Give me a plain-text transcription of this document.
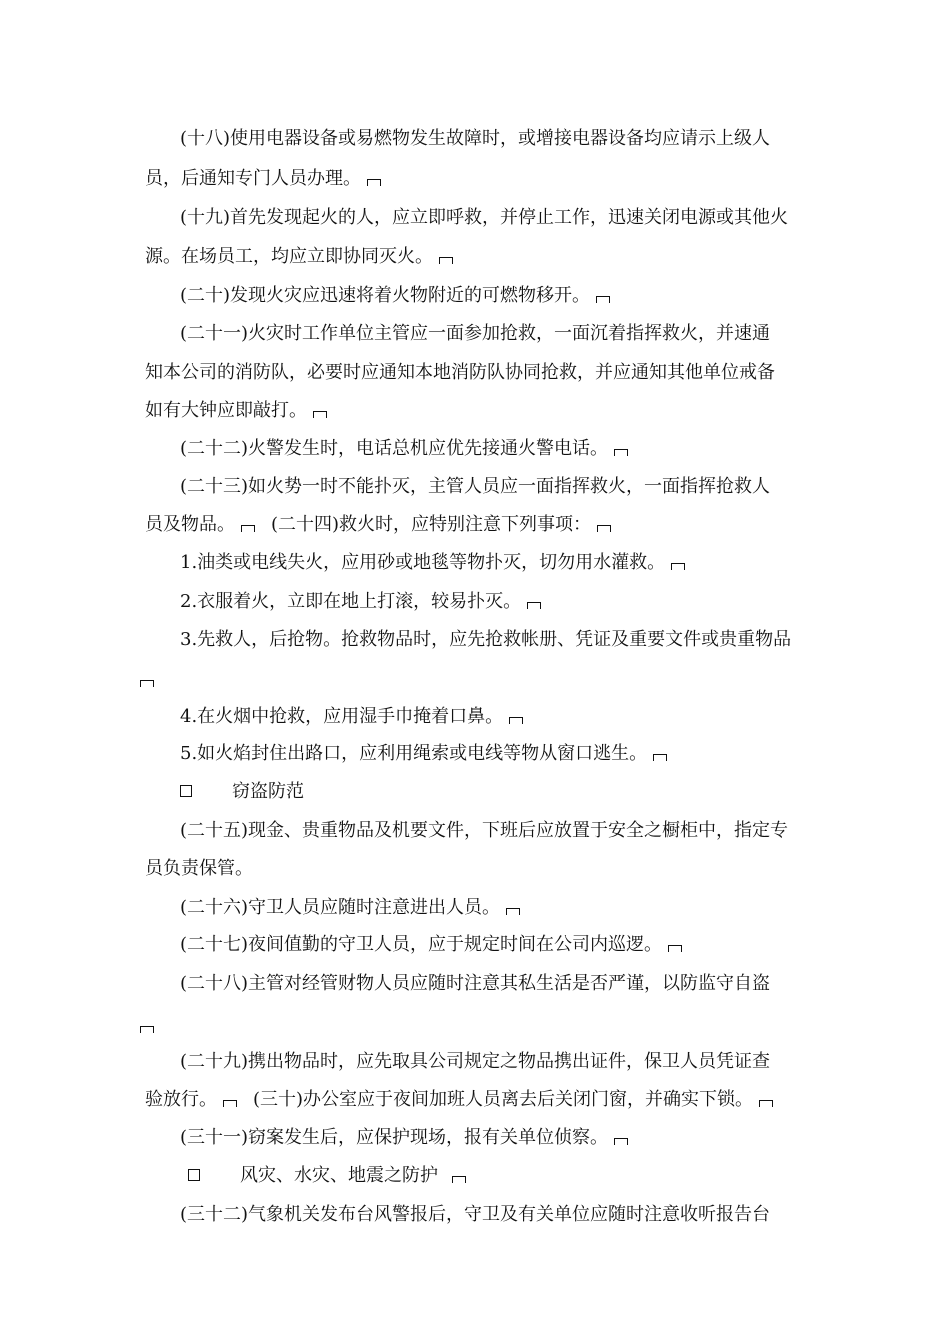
(十八)使用电器设备或易燃物发生故障时，或增接电器设备均应请示上级人
员，后通知专门人员办理。
(十九)首先发现起火的人，应立即呼救，并停止工作，迅速关闭电源或其他火
源。在场员工，均应立即协同灭火。
(二十)发现火灾应迅速将着火物附近的可燃物移开。
(二十一)火灾时工作单位主管应一面参加抢救，一面沉着指挥救火，并速通
知本公司的消防队，必要时应通知本地消防队协同抢救，并应通知其他单位戒备
如有大钟应即敲打。
(二十二)火警发生时，电话总机应优先接通火警电话。
(二十三)如火势一时不能扑灭，主管人员应一面指挥救火，一面指挥抢救人
员及物品。 (二十四)救火时，应特别注意下列事项：
1.油类或电线失火，应用砂或地毯等物扑灭，切勿用水灌救。
2.衣服着火，立即在地上打滚，较易扑灭。
3.先救人，后抢物。抢救物品时，应先抢救帐册、凭证及重要文件或贵重物品
4.在火烟中抢救，应用湿手巾掩着口鼻。
5.如火焰封住出路口，应利用绳索或电线等物从窗口逃生。
窃盗防范
(二十五)现金、贵重物品及机要文件，下班后应放置于安全之橱柜中，指定专
员负责保管。
(二十六)守卫人员应随时注意进出人员。
(二十七)夜间值勤的守卫人员，应于规定时间在公司内巡逻。
(二十八)主管对经管财物人员应随时注意其私生活是否严谨，以防监守自盗
(二十九)携出物品时，应先取具公司规定之物品携出证件，保卫人员凭证查
验放行。 (三十)办公室应于夜间加班人员离去后关闭门窗，并确实下锁。
(三十一)窃案发生后，应保护现场，报有关单位侦察。
风灾、水灾、地震之防护
(三十二)气象机关发布台风警报后，守卫及有关单位应随时注意收听报告台
